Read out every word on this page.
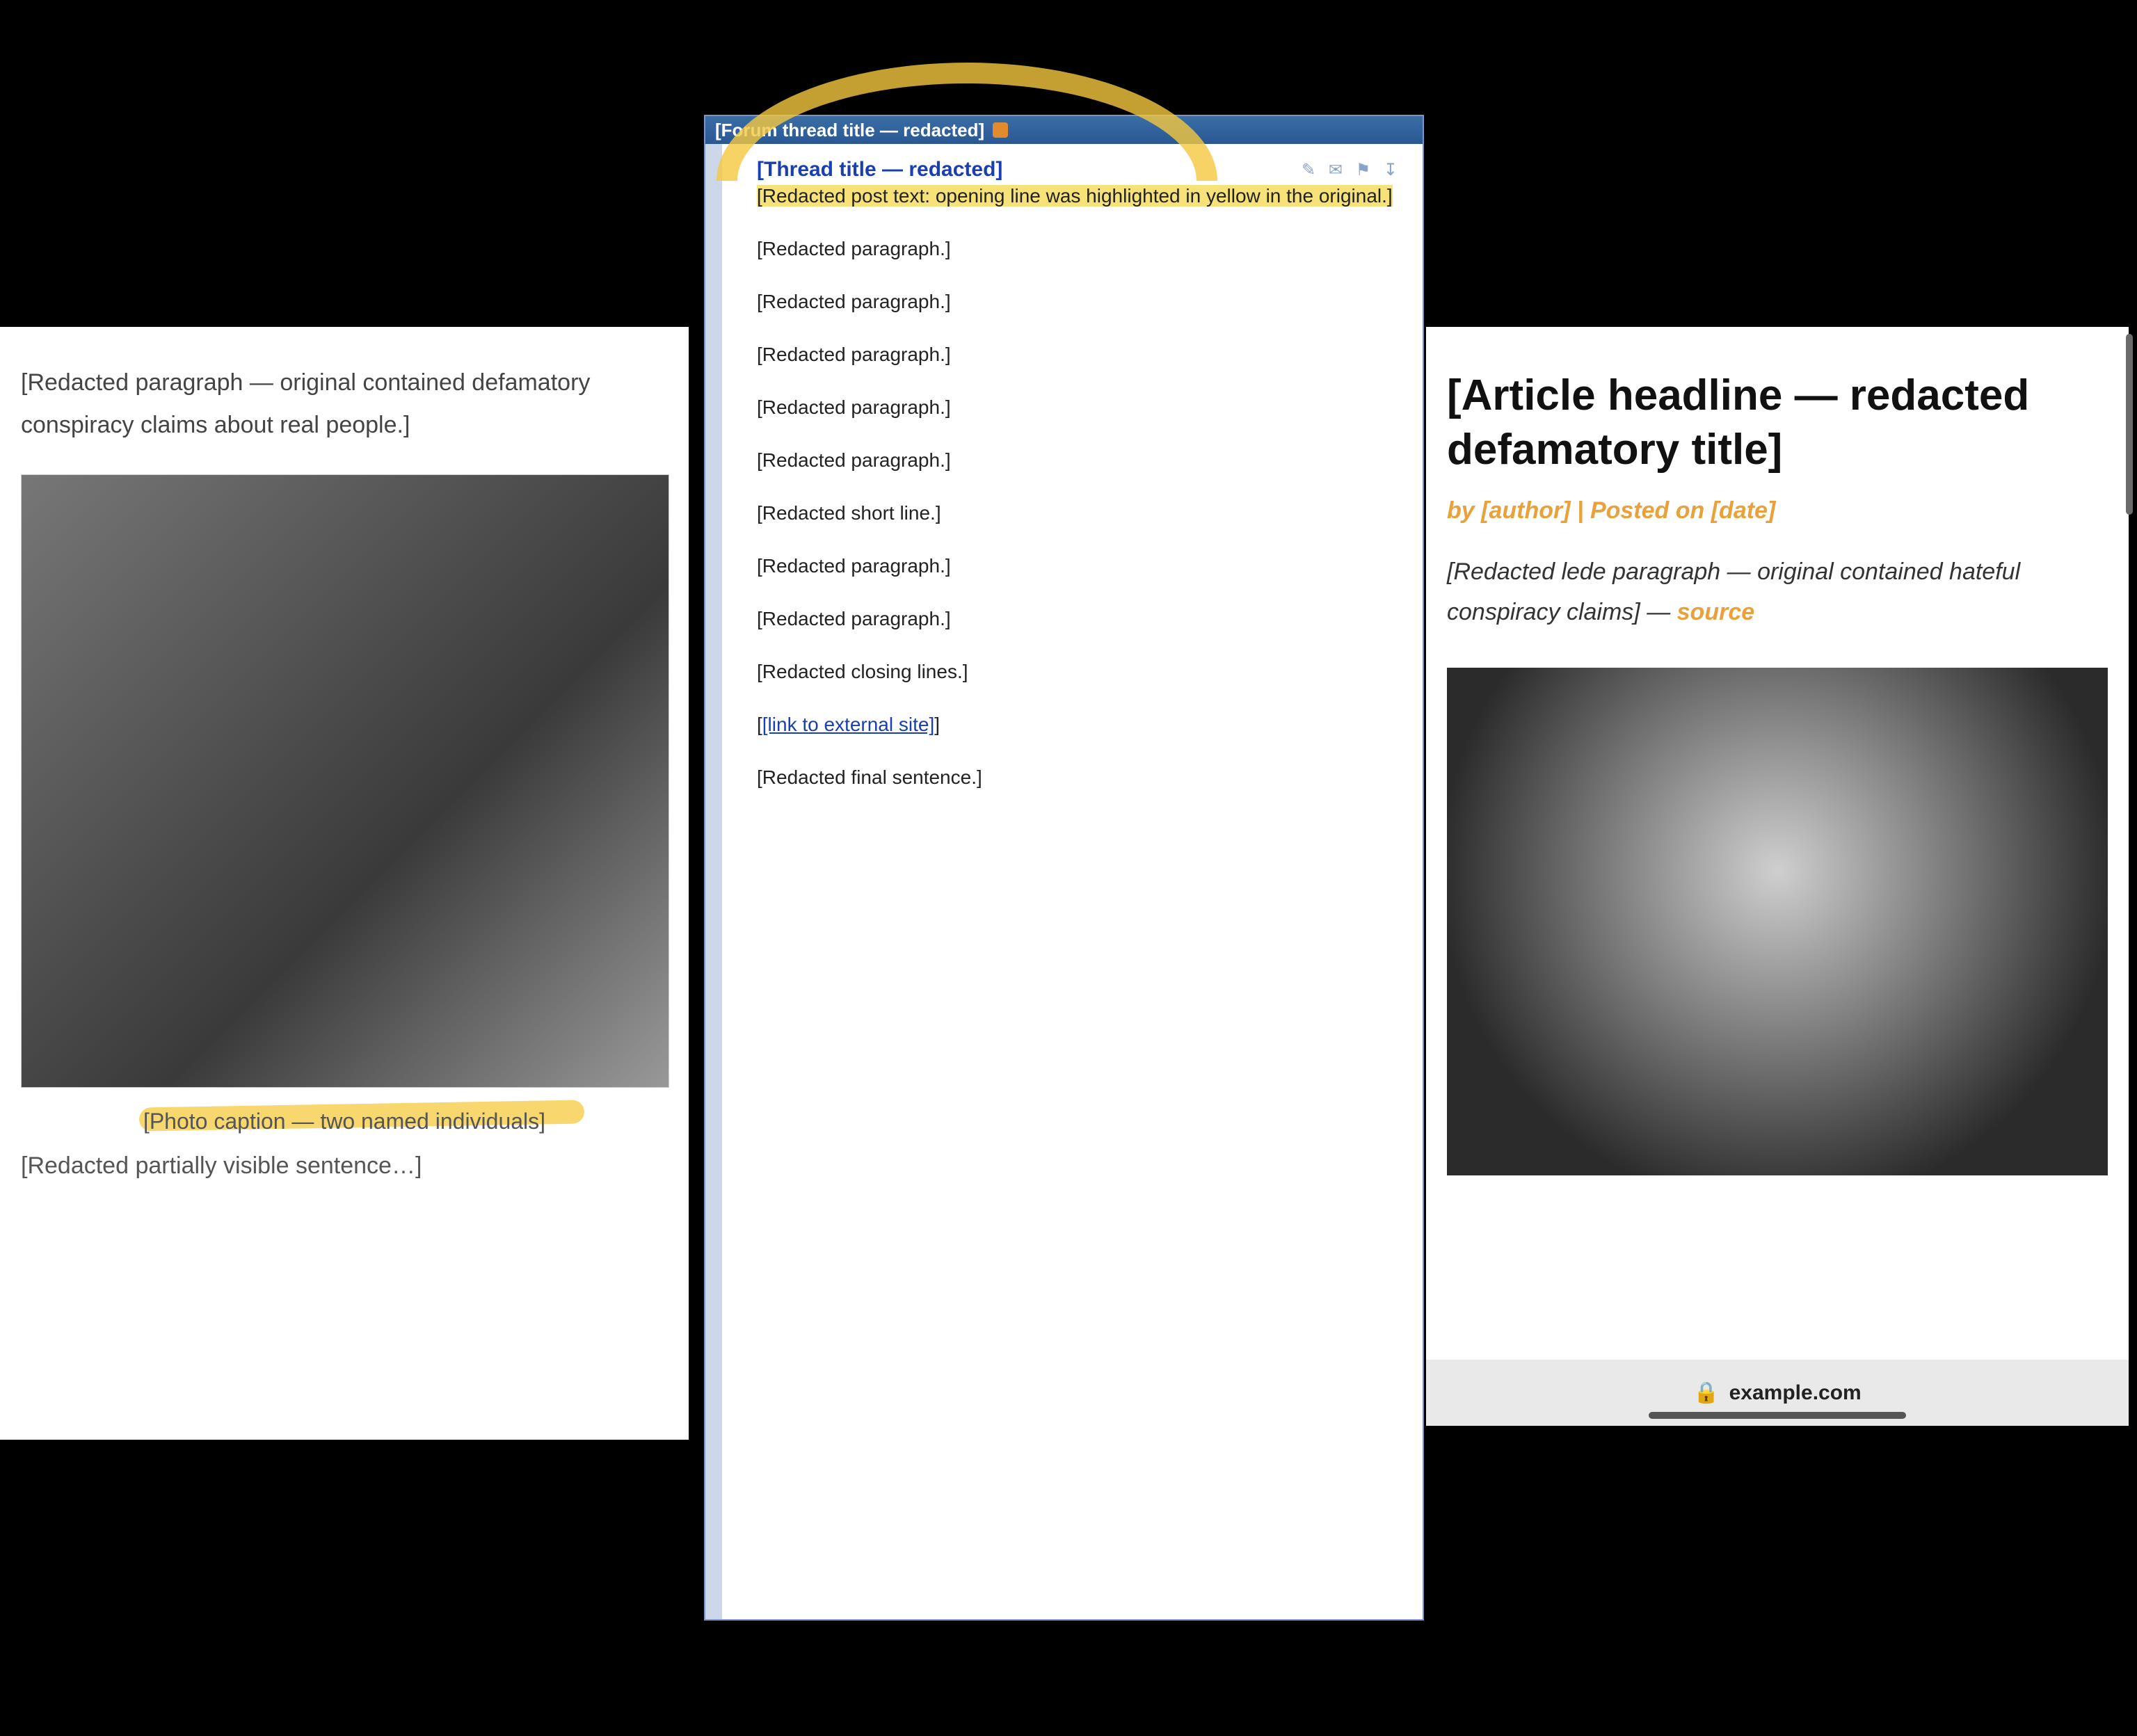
[Redacted paragraph — original contained defamatory conspiracy claims about real people.]

[Photo caption — two named individuals]
[Redacted partially visible sentence…]
[Forum thread title — redacted]
[Thread title — redacted]	✎ ✉ ⚑ ↧

[Redacted post text: opening line was highlighted in yellow in the original.]

[Redacted paragraph.]

[Redacted paragraph.]

[Redacted paragraph.]

[Redacted paragraph.]

[Redacted paragraph.]

[Redacted short line.]

[Redacted paragraph.]

[Redacted paragraph.]

[Redacted closing lines.]

[[link to external site]]

[Redacted final sentence.]

[Article headline — redacted defamatory title]
by [author] | Posted on [date]

[Redacted lede paragraph — original contained hateful conspiracy claims] — source

🔒 example.com
